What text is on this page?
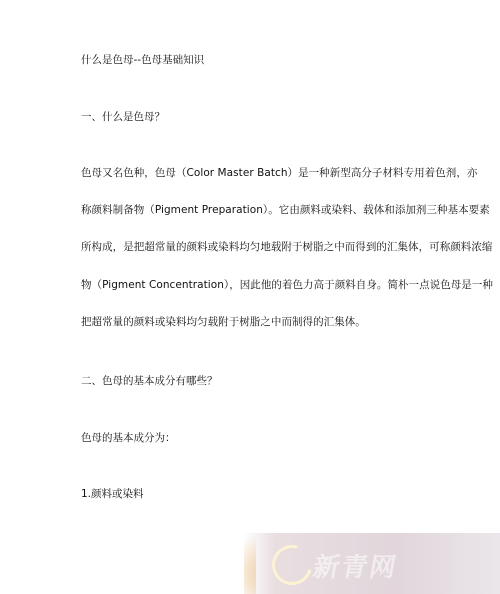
什么是色母--色母基础知识

一、什么是色母？

色母又名色种，色母（Color Master Batch）是一种新型高分子材料专用着色剂，亦

称颜料制备物（Pigment Preparation）。它由颜料或染料、载体和添加剂三种基本要素

所构成，是把超常量的颜料或染料均匀地载附于树脂之中而得到的汇集体，可称颜料浓缩

物（Pigment Concentration），因此他的着色力高于颜料自身。简朴一点说色母是一种

把超常量的颜料或染料均匀载附于树脂之中而制得的汇集体。

二、色母的基本成分有哪些？

色母的基本成分为：

1.颜料或染料

新青网
